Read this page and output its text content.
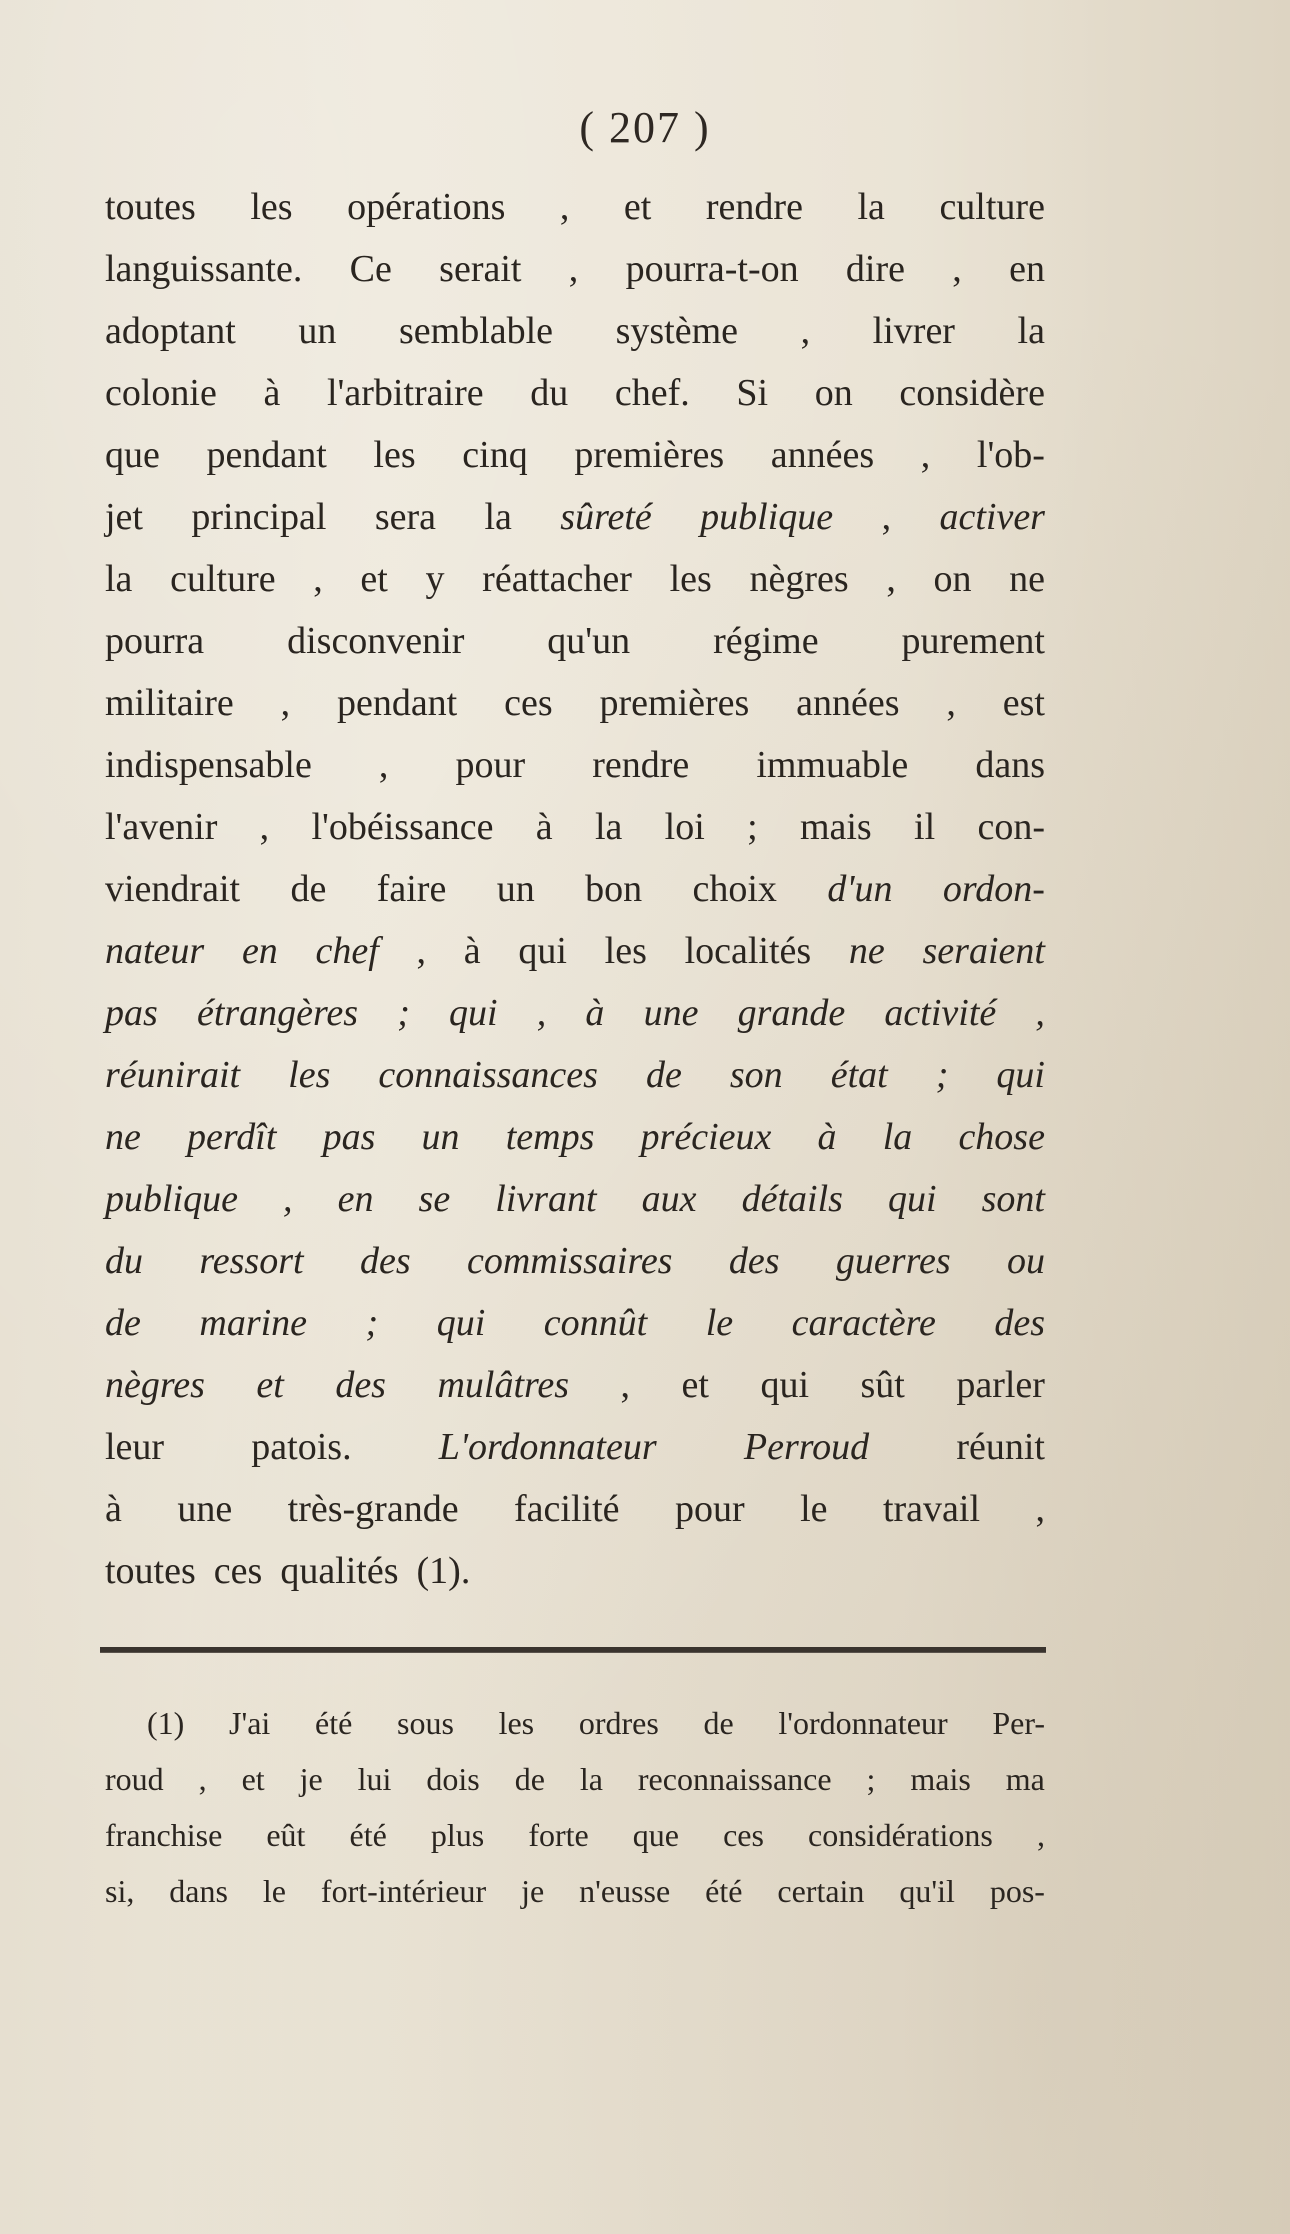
( 207 )
toutes les opérations , et rendre la culture
languissante. Ce serait , pourra-t-on dire , en
adoptant un semblable système , livrer la
colonie à l'arbitraire du chef. Si on considère
que pendant les cinq premières années , l'ob-
jet principal sera la sûreté publique , activer
la culture , et y réattacher les nègres , on ne
pourra disconvenir qu'un régime purement
militaire , pendant ces premières années , est
indispensable , pour rendre immuable dans
l'avenir , l'obéissance à la loi ; mais il con-
viendrait de faire un bon choix d'un ordon-
nateur en chef , à qui les localités ne seraient
pas étrangères ; qui , à une grande activité ,
réunirait les connaissances de son état ; qui
ne perdît pas un temps précieux à la chose
publique , en se livrant aux détails qui sont
du ressort des commissaires des guerres ou
de marine ; qui connût le caractère des
nègres et des mulâtres , et qui sût parler
leur patois. L'ordonnateur Perroud réunit
à une très-grande facilité pour le travail ,
toutes ces qualités (1).
(1) J'ai été sous les ordres de l'ordonnateur Per-
roud , et je lui dois de la reconnaissance ; mais ma
franchise eût été plus forte que ces considérations ,
si, dans le fort-intérieur je n'eusse été certain qu'il pos-
